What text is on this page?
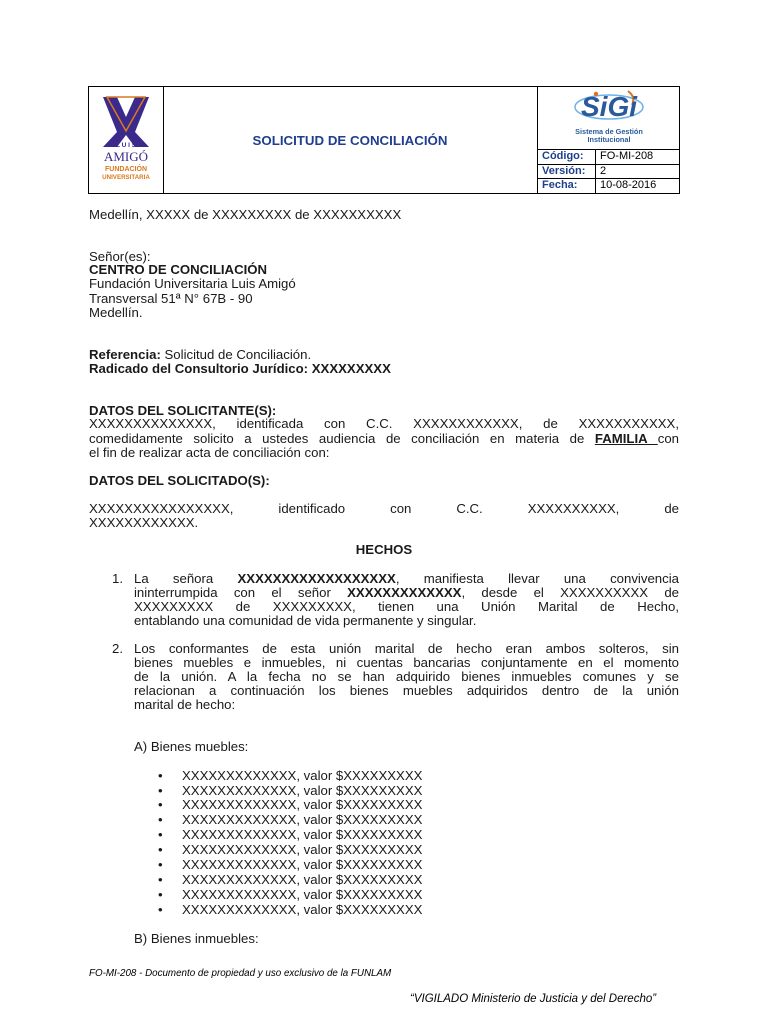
L U I S
AMIGÓ
FUNDACIÓN
UNIVERSITARIA
SOLICITUD DE CONCILIACIÓN
SiGi
Sistema de Gestión
Institucional
Código:	FO-MI-208
Versión:	2
Fecha:	10-08-2016
Medellín, XXXXX de XXXXXXXXX de XXXXXXXXXX
Señor(es):
CENTRO DE CONCILIACIÓN
Fundación Universitaria Luis Amigó
Transversal 51ª N° 67B - 90
Medellín.
Referencia: Solicitud de Conciliación.
Radicado del Consultorio Jurídico: XXXXXXXXX
DATOS DEL SOLICITANTE(S):
XXXXXXXXXXXXXX, identificada con C.C. XXXXXXXXXXXX, de XXXXXXXXXXX,
comedidamente solicito a ustedes audiencia de conciliación en materia de FAMILIA con
el fin de realizar acta de conciliación con:
DATOS DEL SOLICITADO(S):
XXXXXXXXXXXXXXXX,	identificado	con	C.C.	XXXXXXXXXX,	de
XXXXXXXXXXXX.
HECHOS
1. La señora XXXXXXXXXXXXXXXXXX, manifiesta llevar una convivencia
ininterrumpida con el señor XXXXXXXXXXXXX, desde el XXXXXXXXXX de
XXXXXXXXX de XXXXXXXXX, tienen una Unión Marital de Hecho,
entablando una comunidad de vida permanente y singular.
2. Los conformantes de esta unión marital de hecho eran ambos solteros, sin
bienes muebles e inmuebles, ni cuentas bancarias conjuntamente en el momento
de la unión. A la fecha no se han adquirido bienes inmuebles comunes y se
relacionan a continuación los bienes muebles adquiridos dentro de la unión
marital de hecho:
A) Bienes muebles:
• XXXXXXXXXXXXX, valor $XXXXXXXXX
• XXXXXXXXXXXXX, valor $XXXXXXXXX
• XXXXXXXXXXXXX, valor $XXXXXXXXX
• XXXXXXXXXXXXX, valor $XXXXXXXXX
• XXXXXXXXXXXXX, valor $XXXXXXXXX
• XXXXXXXXXXXXX, valor $XXXXXXXXX
• XXXXXXXXXXXXX, valor $XXXXXXXXX
• XXXXXXXXXXXXX, valor $XXXXXXXXX
• XXXXXXXXXXXXX, valor $XXXXXXXXX
• XXXXXXXXXXXXX, valor $XXXXXXXXX
B) Bienes inmuebles:
FO-MI-208 - Documento de propiedad y uso exclusivo de la FUNLAM
“VIGILADO Ministerio de Justicia y del Derecho”
